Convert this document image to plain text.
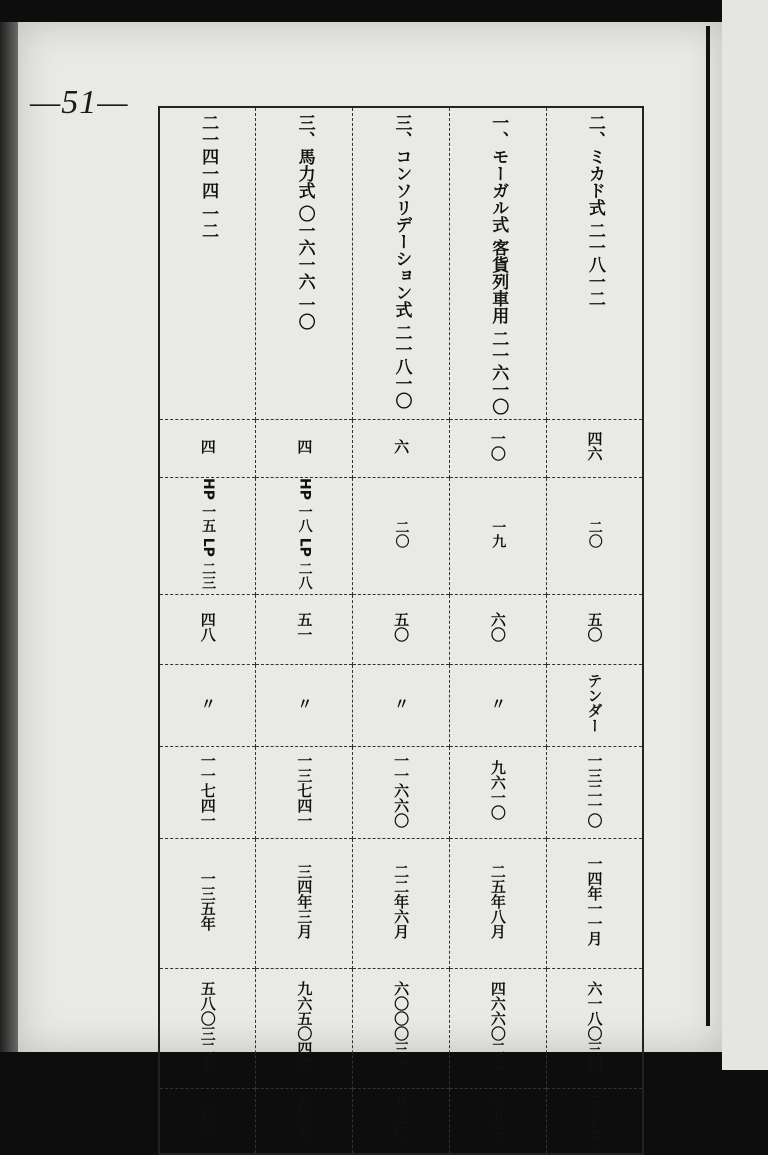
—51—
二一四一四 一二	三、馬力式 〇一六一六 一〇	三、コンソリデーション式 二一八一〇	一、モーガル式 客貨列車用 二一六一〇	二、ミカド式 二一八一二
四	四	六	一〇	四六
HP 一五 LP 二三	HP 一八 LP 二八	二〇	一九	二〇
四八	五一	五〇	六〇	五〇
〃	〃	〃	〃	テンダー
一一七四一	一三七四一	一一六六〇	九六一〇	一三二一〇
一三五年	三四年三月	二二年六月	二五年八月	一四年一一月
五八〇三二七	九六五〇四六	六〇〇〇三一	四六六〇二二	六一八〇三四
四〇	四〇七	八二〇	〇九三	三二七二
